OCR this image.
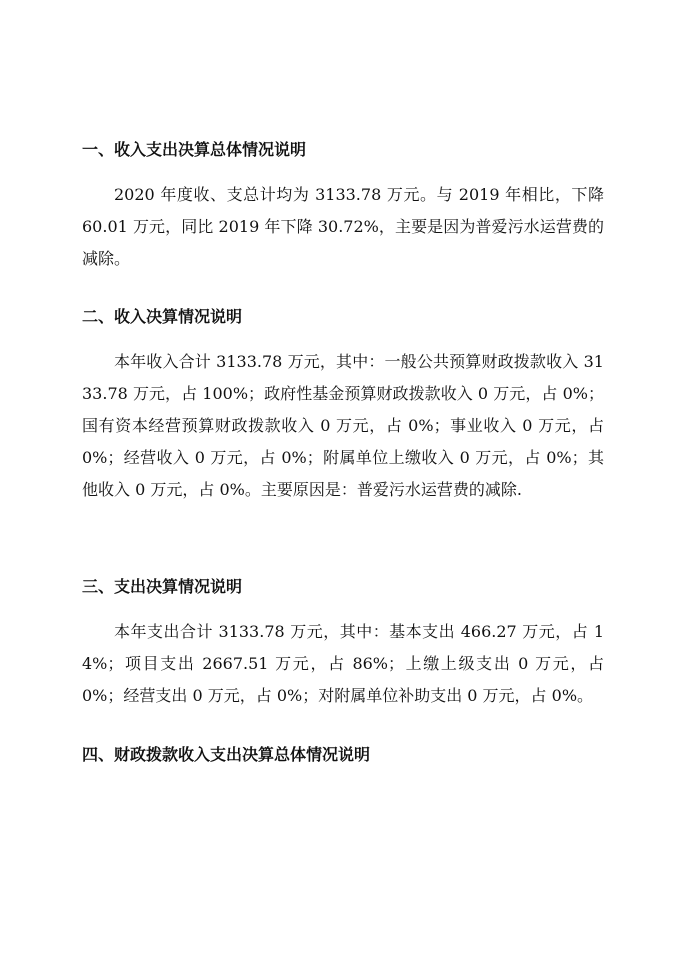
一、收入支出决算总体情况说明

2020 年度收、支总计均为 3133.78 万元。与 2019 年相比，下降 60.01 万元，同比 2019 年下降 30.72%，主要是因为普爱污水运营费的减除。

二、收入决算情况说明

本年收入合计 3133.78 万元，其中：一般公共预算财政拨款收入 3133.78 万元，占 100%；政府性基金预算财政拨款收入 0 万元，占 0%；国有资本经营预算财政拨款收入 0 万元，占 0%；事业收入 0 万元，占 0%；经营收入 0 万元，占 0%；附属单位上缴收入 0 万元，占 0%；其他收入 0 万元，占 0%。主要原因是：普爱污水运营费的减除.

三、支出决算情况说明

本年支出合计 3133.78 万元，其中：基本支出 466.27 万元，占 14%；项目支出 2667.51 万元，占 86%；上缴上级支出 0 万元，占 0%；经营支出 0 万元，占 0%；对附属单位补助支出 0 万元，占 0%。

四、财政拨款收入支出决算总体情况说明
